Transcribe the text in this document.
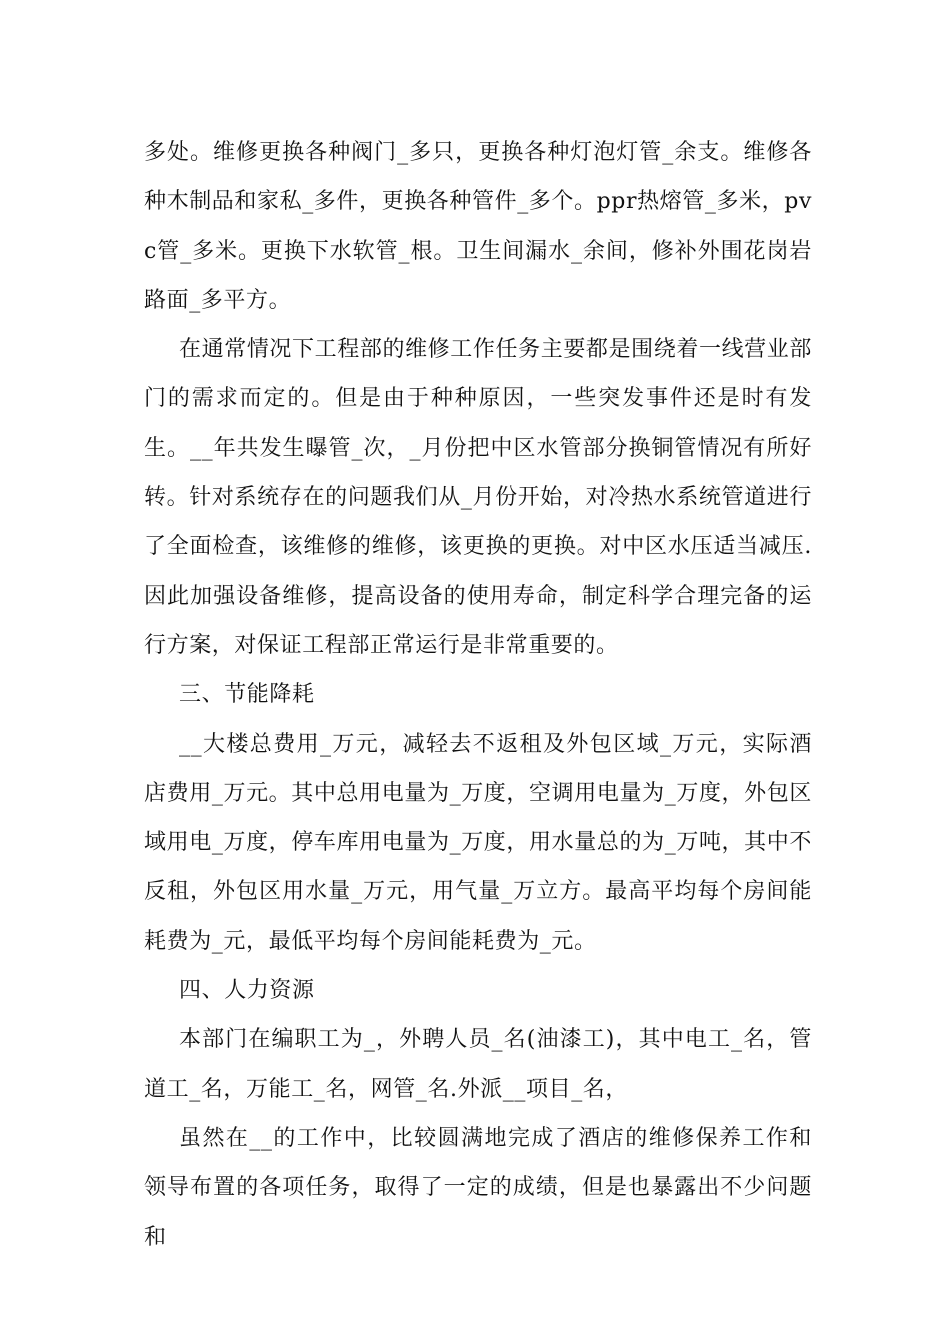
多处。维修更换各种阀门_多只，更换各种灯泡灯管_余支。维修各种木制品和家私_多件，更换各种管件_多个。ppr热熔管_多米，pvc管_多米。更换下水软管_根。卫生间漏水_余间，修补外围花岗岩路面_多平方。

在通常情况下工程部的维修工作任务主要都是围绕着一线营业部门的需求而定的。但是由于种种原因，一些突发事件还是时有发生。__年共发生曝管_次，_月份把中区水管部分换铜管情况有所好转。针对系统存在的问题我们从_月份开始，对冷热水系统管道进行了全面检查，该维修的维修，该更换的更换。对中区水压适当减压.因此加强设备维修，提高设备的使用寿命，制定科学合理完备的运行方案，对保证工程部正常运行是非常重要的。

三、节能降耗

__大楼总费用_万元，减轻去不返租及外包区域_万元，实际酒店费用_万元。其中总用电量为_万度，空调用电量为_万度，外包区域用电_万度，停车库用电量为_万度，用水量总的为_万吨，其中不反租，外包区用水量_万元，用气量_万立方。最高平均每个房间能耗费为_元，最低平均每个房间能耗费为_元。

四、人力资源

本部门在编职工为_，外聘人员_名(油漆工)，其中电工_名，管道工_名，万能工_名，网管_名.外派__项目_名，

虽然在__的工作中，比较圆满地完成了酒店的维修保养工作和领导布置的各项任务，取得了一定的成绩，但是也暴露出不少问题和
